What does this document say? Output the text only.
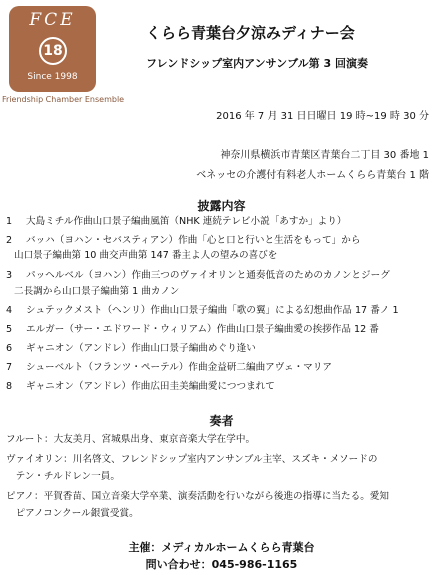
FCE
18
Since 1998
Friendship Chamber Ensemble
くらら青葉台夕涼みディナー会
フレンドシップ室内アンサンブル第 3 回演奏
2016 年 7 月 31 日日曜日 19 時~19 時 30 分
神奈川県横浜市青葉区青葉台二丁目 30 番地 1
ベネッセの介護付有料老人ホームくらら青葉台 1 階
披露内容
1 大島ミチル作曲山口景子編曲風笛（NHK 連続テレビ小説「あすか」より）
2 バッハ（ヨハン・セバスティアン）作曲「心と口と行いと生活をもって」から
山口景子編曲第 10 曲交声曲第 147 番主よ人の望みの喜びを
3 パッヘルベル（ヨハン）作曲三つのヴァイオリンと通奏低音のためのカノンとジーグ
二長調から山口景子編曲第 1 曲カノン
4 シュテックメスト（ヘンリ）作曲山口景子編曲「歌の翼」による幻想曲作品 17 番ノ 1
5 エルガー（サー・エドワード・ウィリアム）作曲山口景子編曲愛の挨拶作品 12 番
6 ギャニオン（アンドレ）作曲山口景子編曲めぐり逢い
7 シューベルト（フランツ・ペーテル）作曲金益研二編曲アヴェ・マリア
8 ギャニオン（アンドレ）作曲広田圭美編曲愛につつまれて
奏者
フルート：大友美月、宮城県出身、東京音楽大学在学中。
ヴァイオリン：川名啓文、フレンドシップ室内アンサンブル主宰、スズキ・メソードの
　テン・チルドレン一員。
ピアノ：平賀香苗、国立音楽大学卒業、演奏活動を行いながら後進の指導に当たる。愛知
　ピアノコンクール銀賞受賞。
主催：メディカルホームくらら青葉台
問い合わせ：045-986-1165
